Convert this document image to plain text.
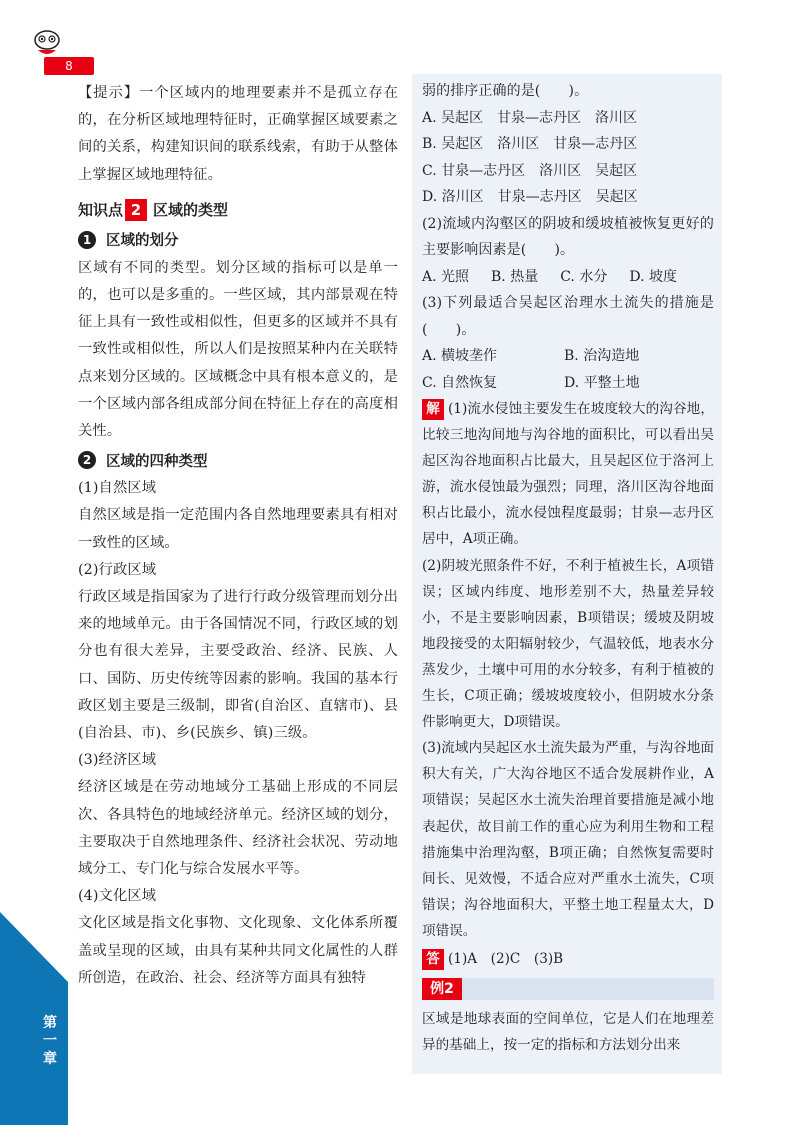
第一章
8

【提示】一个区域内的地理要素并不是孤立存在的，在分析区域地理特征时，正确掌握区域要素之间的关系，构建知识间的联系线索，有助于从整体上掌握区域地理特征。

知识点 2 区域的类型
1	区域的划分

区域有不同的类型。划分区域的指标可以是单一的，也可以是多重的。一些区域，其内部景观在特征上具有一致性或相似性，但更多的区域并不具有一致性或相似性，所以人们是按照某种内在关联特点来划分区域的。区域概念中具有根本意义的，是一个区域内部各组成部分间在特征上存在的高度相关性。

2	区域的四种类型

(1)自然区域

自然区域是指一定范围内各自然地理要素具有相对一致性的区域。

(2)行政区域

行政区域是指国家为了进行行政分级管理而划分出来的地域单元。由于各国情况不同，行政区域的划分也有很大差异，主要受政治、经济、民族、人口、国防、历史传统等因素的影响。我国的基本行政区划主要是三级制，即省(自治区、直辖市)、县(自治县、市)、乡(民族乡、镇)三级。

(3)经济区域

经济区域是在劳动地域分工基础上形成的不同层次、各具特色的地域经济单元。经济区域的划分，主要取决于自然地理条件、经济社会状况、劳动地域分工、专门化与综合发展水平等。

(4)文化区域

文化区域是指文化事物、文化现象、文化体系所覆盖或呈现的区域，由具有某种共同文化属性的人群所创造，在政治、社会、经济等方面具有独特

弱的排序正确的是(　　)。

A. 吴起区　甘泉—志丹区　洛川区
B. 吴起区　洛川区　甘泉—志丹区
C. 甘泉—志丹区　洛川区　吴起区
D. 洛川区　甘泉—志丹区　吴起区

(2)流域内沟壑区的阴坡和缓坡植被恢复更好的主要影响因素是(　　)。

A. 光照 B. 热量 C. 水分 D. 坡度

(3)下列最适合吴起区治理水土流失的措施是(　　)。

A. 横坡垄作	B. 治沟造地
C. 自然恢复	D. 平整土地

解 (1)流水侵蚀主要发生在坡度较大的沟谷地，比较三地沟间地与沟谷地的面积比，可以看出吴起区沟谷地面积占比最大，且吴起区位于洛河上游，流水侵蚀最为强烈；同理，洛川区沟谷地面积占比最小，流水侵蚀程度最弱；甘泉—志丹区居中，A项正确。

(2)阴坡光照条件不好，不利于植被生长，A项错误；区域内纬度、地形差别不大，热量差异较小，不是主要影响因素，B项错误；缓坡及阴坡地段接受的太阳辐射较少，气温较低，地表水分蒸发少，土壤中可用的水分较多，有利于植被的生长，C项正确；缓坡坡度较小，但阴坡水分条件影响更大，D项错误。

(3)流域内吴起区水土流失最为严重，与沟谷地面积大有关，广大沟谷地区不适合发展耕作业，A项错误；吴起区水土流失治理首要措施是减小地表起伏，故目前工作的重心应为利用生物和工程措施集中治理沟壑，B项正确；自然恢复需要时间长、见效慢，不适合应对严重水土流失，C项错误；沟谷地面积大，平整土地工程量太大，D项错误。

答 (1)A　(2)C　(3)B

例2

区域是地球表面的空间单位，它是人们在地理差异的基础上，按一定的指标和方法划分出来
